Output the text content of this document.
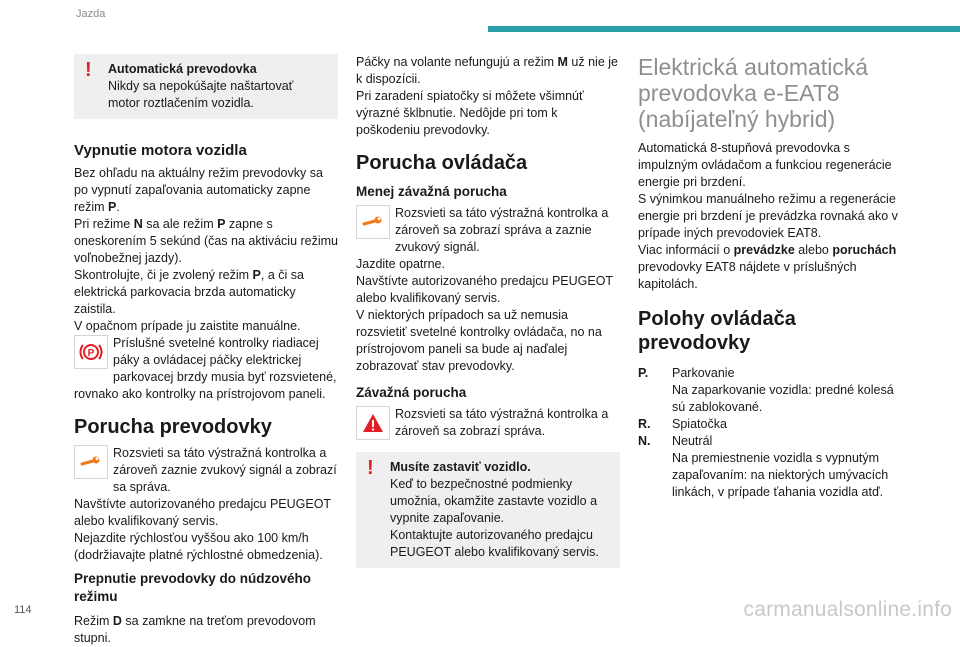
Jazda
! Automatická prevodovka
Nikdy sa nepokúšajte naštartovať motor roztlačením vozidla.
Vypnutie motora vozidla

Bez ohľadu na aktuálny režim prevodovky sa po vypnutí zapaľovania automaticky zapne režim P.

Pri režime N sa ale režim P zapne s oneskorením 5 sekúnd (čas na aktiváciu režimu voľnobežnej jazdy).

Skontrolujte, či je zvolený režim P, a či sa elektrická parkovacia brzda automaticky zaistila.

V opačnom prípade ju zaistite manuálne.

P

Príslušné svetelné kontrolky riadiacej páky a ovládacej páčky elektrickej parkovacej brzdy musia byť rozsvietené, rovnako ako kontrolky na prístrojovom paneli.

Porucha prevodovky

Rozsvieti sa táto výstražná kontrolka a zároveň zaznie zvukový signál a zobrazí sa správa.

Navštívte autorizovaného predajcu PEUGEOT alebo kvalifikovaný servis.

Nejazdite rýchlosťou vyššou ako 100 km/h (dodržiavajte platné rýchlostné obmedzenia).

Prepnutie prevodovky do núdzového režimu

Režim D sa zamkne na treťom prevodovom stupni.

Páčky na volante nefungujú a režim M už nie je k dispozícii.

Pri zaradení spiatočky si môžete všimnúť výrazné šklbnutie. Nedôjde pri tom k poškodeniu prevodovky.

Porucha ovládača
Menej závažná porucha

Rozsvieti sa táto výstražná kontrolka a zároveň sa zobrazí správa a zaznie zvukový signál.

Jazdite opatrne.

Navštívte autorizovaného predajcu PEUGEOT alebo kvalifikovaný servis.

V niektorých prípadoch sa už nemusia rozsvietiť svetelné kontrolky ovládača, no na prístrojovom paneli sa bude aj naďalej zobrazovať stav prevodovky.

Závažná porucha

Rozsvieti sa táto výstražná kontrolka a zároveň sa zobrazí správa.

! Musíte zastaviť vozidlo.
Keď to bezpečnostné podmienky umožnia, okamžite zastavte vozidlo a vypnite zapaľovanie.
Kontaktujte autorizovaného predajcu PEUGEOT alebo kvalifikovaný servis.
Elektrická automatická prevodovka e-EAT8 (nabíjateľný hybrid)

Automatická 8-stupňová prevodovka s impulzným ovládačom a funkciou regenerácie energie pri brzdení.

S výnimkou manuálneho režimu a regenerácie energie pri brzdení je prevádzka rovnaká ako v prípade iných prevodoviek EAT8.

Viac informácií o prevádzke alebo poruchách prevodovky EAT8 nájdete v príslušných kapitolách.

Polohy ovládača prevodovky
P.	Parkovanie
Na zaparkovanie vozidla: predné kolesá sú zablokované.
R.	Spiatočka
N.	Neutrál
Na premiestnenie vozidla s vypnutým zapaľovaním: na niektorých umývacích linkách, v prípade ťahania vozidla atď.
114	carmanualsonline.info
